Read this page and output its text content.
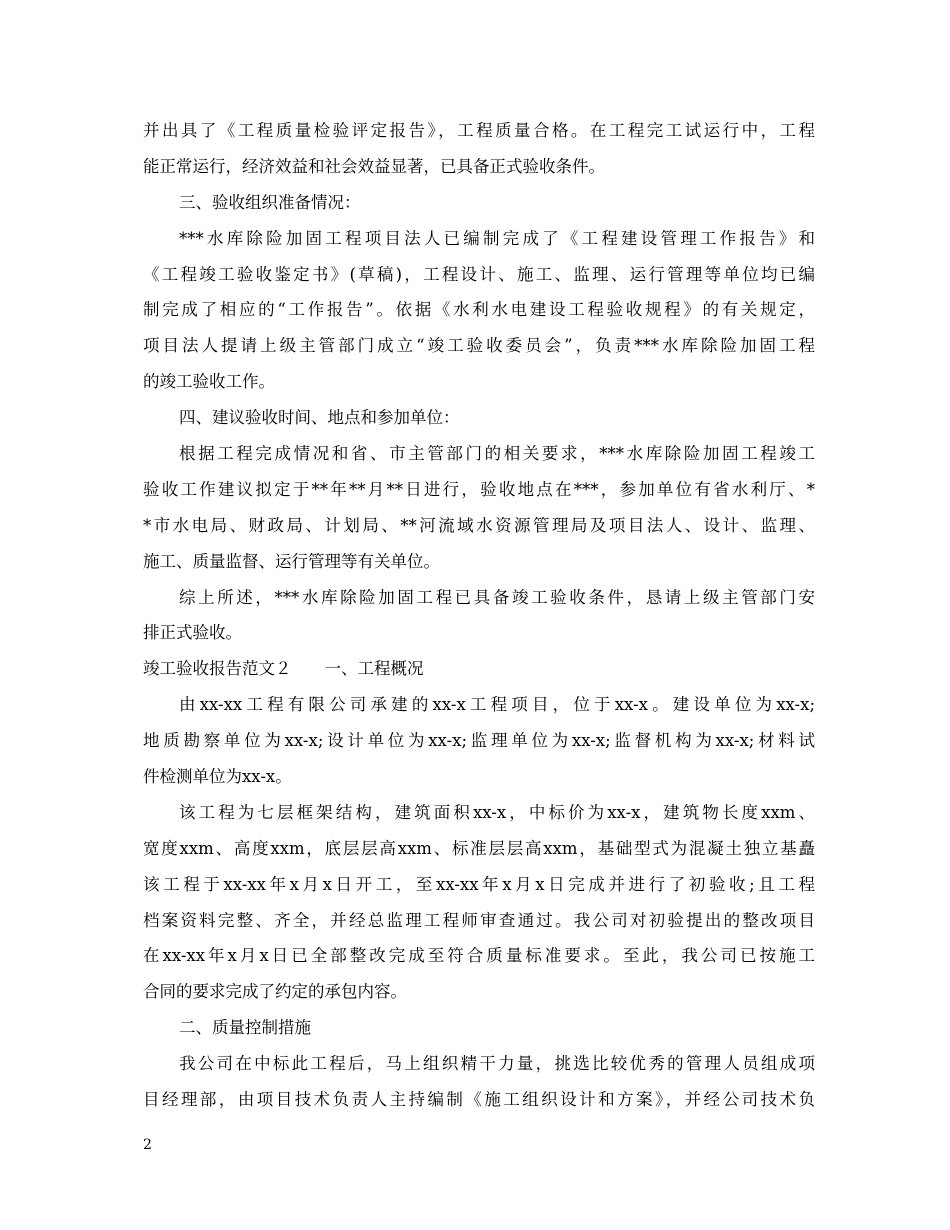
并出具了《工程质量检验评定报告》，工程质量合格。在工程完工试运行中，工程
能正常运行，经济效益和社会效益显著，已具备正式验收条件。
三、验收组织准备情况：
***水库除险加固工程项目法人已编制完成了《工程建设管理工作报告》和
《工程竣工验收鉴定书》(草稿)，工程设计、施工、监理、运行管理等单位均已编
制完成了相应的“工作报告”。依据《水利水电建设工程验收规程》的有关规定，
项目法人提请上级主管部门成立“竣工验收委员会”，负责***水库除险加固工程
的竣工验收工作。
四、建议验收时间、地点和参加单位：
根据工程完成情况和省、市主管部门的相关要求，***水库除险加固工程竣工
验收工作建议拟定于**年**月**日进行，验收地点在***，参加单位有省水利厅、*
*市水电局、财政局、计划局、**河流域水资源管理局及项目法人、设计、监理、
施工、质量监督、运行管理等有关单位。
综上所述，***水库除险加固工程已具备竣工验收条件，恳请上级主管部门安
排正式验收。
竣工验收报告范文２　　一、工程概况
由xx-xx工程有限公司承建的xx-x工程项目，位于xx-x。建设单位为xx-x;
地质勘察单位为xx-x;设计单位为xx-x;监理单位为xx-x;监督机构为xx-x;材料试
件检测单位为xx-x。
该工程为七层框架结构，建筑面积xx-x，中标价为xx-x，建筑物长度xxm、
宽度xxm、高度xxm，底层层高xxm、标准层层高xxm，基础型式为混凝土独立基矗
该工程于xx-xx年x月x日开工，至xx-xx年x月x日完成并进行了初验收;且工程
档案资料完整、齐全，并经总监理工程师审查通过。我公司对初验提出的整改项目
在xx-xx年x月x日已全部整改完成至符合质量标准要求。至此，我公司已按施工
合同的要求完成了约定的承包内容。
二、质量控制措施
我公司在中标此工程后，马上组织精干力量，挑选比较优秀的管理人员组成项
目经理部，由项目技术负责人主持编制《施工组织设计和方案》，并经公司技术负
2
